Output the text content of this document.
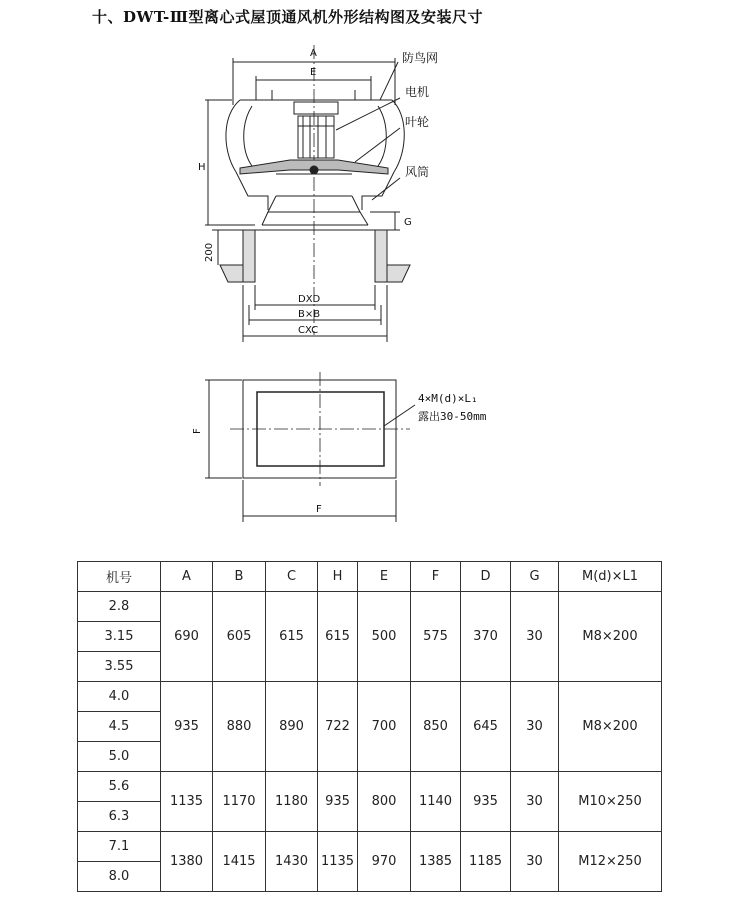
十、DWT-Ⅲ型离心式屋顶通风机外形结构图及安装尺寸
A
E
H
200
G
防鸟网
电机
叶轮
风筒
DXD
B×B
CXC
F
F
4×M(d)×L₁
露出30-50mm
机号	A	B	C	H	E	F	D	G	M(d)×L1
2.8	690	605	615	615	500	575	370	30	M8×200
3.15									
3.55									
4.0	935	880	890	722	700	850	645	30	M8×200
4.5									
5.0									
5.6	1135	1170	1180	935	800	1140	935	30	M10×250
6.3									
7.1	1380	1415	1430	1135	970	1385	1185	30	M12×250
8.0									
